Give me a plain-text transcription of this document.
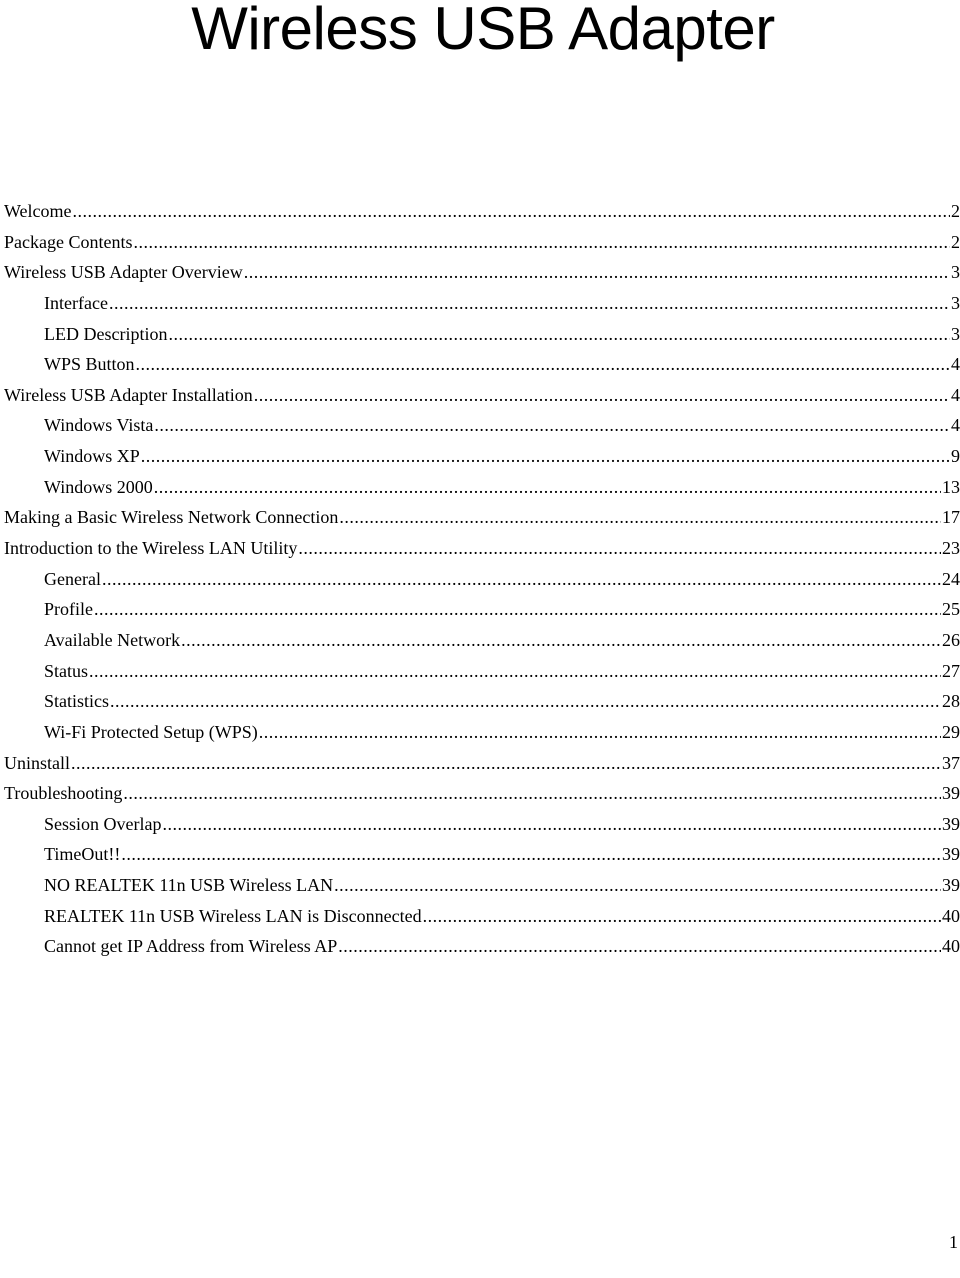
Wireless USB Adapter
Welcome .....	2
Package Contents .....	2
Wireless USB Adapter Overview .....	3
Interface .....	3
LED Description .....	3
WPS Button .....	4
Wireless USB Adapter Installation .....	4
Windows Vista .....	4
Windows XP .....	9
Windows 2000 .....	13
Making a Basic Wireless Network Connection .....	17
Introduction to the Wireless LAN Utility .....	23
General .....	24
Profile .....	25
Available Network .....	26
Status .....	27
Statistics .....	28
Wi-Fi Protected Setup (WPS) .....	29
Uninstall .....	37
Troubleshooting .....	39
Session Overlap .....	39
TimeOut!! .....	39
NO REALTEK 11n USB Wireless LAN .....	39
REALTEK 11n USB Wireless LAN is Disconnected .....	40
Cannot get IP Address from Wireless AP .....	40
1
